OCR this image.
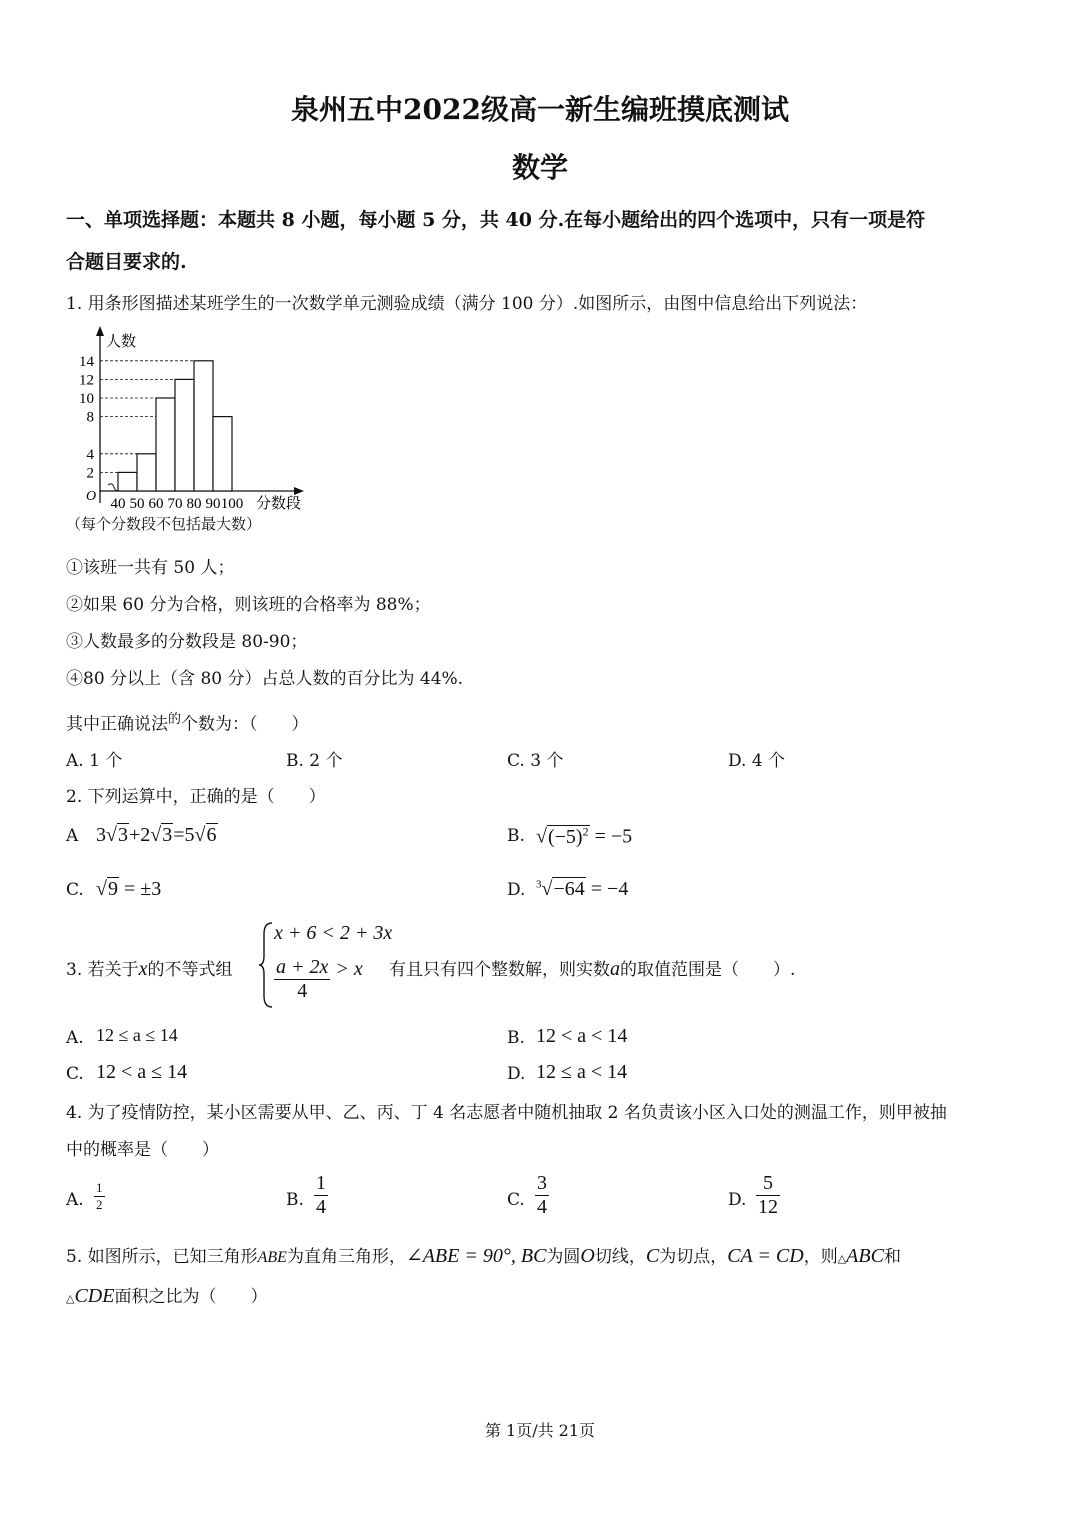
泉州五中2022级高一新生编班摸底测试
数学
一、单项选择题：本题共 8 小题，每小题 5 分，共 40 分.在每小题给出的四个选项中，只有一项是符
合题目要求的.
1. 用条形图描述某班学生的一次数学单元测验成绩（满分 100 分）.如图所示，由图中信息给出下列说法：
人数
O	分数段
2
4
8
10
12
14
40 50 60 70 80 90 100
（每个分数段不包括最大数）
①该班一共有 50 人；
②如果 60 分为合格，则该班的合格率为 88%；
③人数最多的分数段是 80-90；
④80 分以上（含 80 分）占总人数的百分比为 44%.
其中正确说法$^的$个数为：（　　）
A. 1 个	B. 2 个	C. 3 个	D. 4 个
2. 下列运算中，正确的是（　　）
A 3√3+2√3=5√6	B. $√(-5)^2 = -5$
C. √9 = ±3	D. $^3$√−64 = −4
3. 若关于x的不等式组
x + 6 < 2 + 3x
$\frac{a + 2x}{4} > x$ 有且只有四个整数解，则实数a的取值范围是（　　）.
A. 12 ≤ a ≤ 14	B. 12 < a < 14
C. 12 < a ≤ 14	D. 12 ≤ a < 14
4. 为了疫情防控，某小区需要从甲、乙、丙、丁 4 名志愿者中随机抽取 2 名负责该小区入口处的测温工作，则甲被抽
中的概率是（　　）
A. $\frac{1}{2}$	B. $\frac{1}{4}$	C. $\frac{3}{4}$	D. $\frac{5}{12}$
5. 如图所示，已知三角形ABE为直角三角形，∠ABE = 90°, BC为圆O切线，C为切点，CA = CD，则△ABC和
△CDE面积之比为（　　）
第 1页/共 21页
